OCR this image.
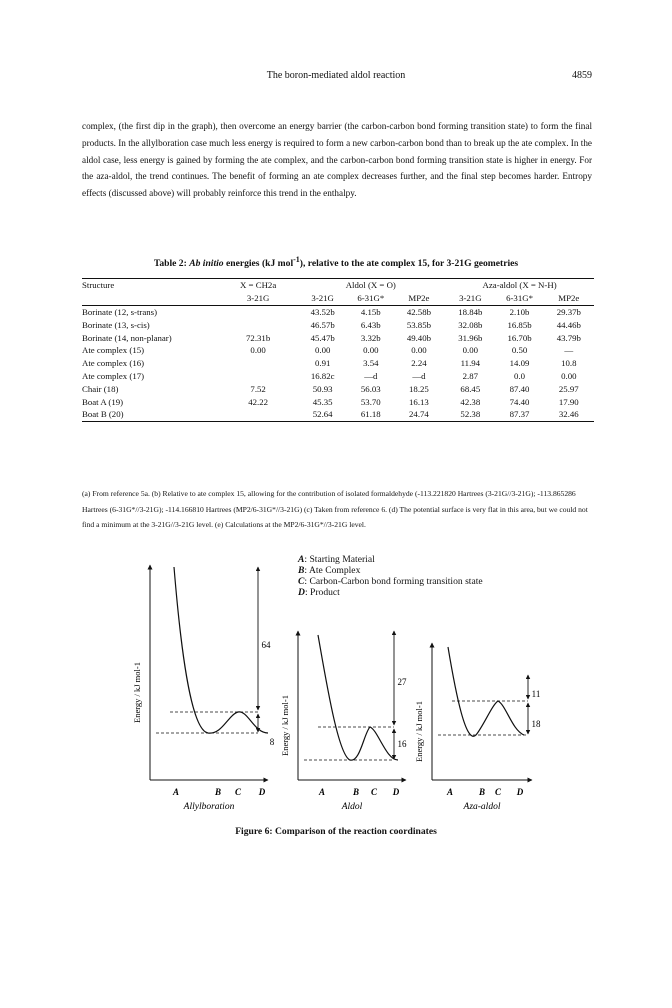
The boron-mediated aldol reaction	4859

complex, (the first dip in the graph), then overcome an energy barrier (the carbon-carbon bond forming transition state) to form the final products. In the allylboration case much less energy is required to form a new carbon-carbon bond than to break up the ate complex. In the aldol case, less energy is gained by forming the ate complex, and the carbon-carbon bond forming transition state is higher in energy. For the aza-aldol, the trend continues. The benefit of forming an ate complex decreases further, and the final step becomes harder. Entropy effects (discussed above) will probably reinforce this trend in the enthalpy.

Table 2: Ab initio energies (kJ mol$^{-1}$), relative to the ate complex 15, for 3-21G geometries
Structure	X = CH2a	Aldol (X = O)			Aza-aldol (X = N-H)		
	3-21G	3-21G	6-31G*	MP2e	3-21G	6-31G*	MP2e
Borinate (12, s-trans)		43.52b	4.15b	42.58b	18.84b	2.10b	29.37b
Borinate (13, s-cis)		46.57b	6.43b	53.85b	32.08b	16.85b	44.46b
Borinate (14, non-planar)	72.31b	45.47b	3.32b	49.40b	31.96b	16.70b	43.79b
Ate complex (15)	0.00	0.00	0.00	0.00	0.00	0.50	—
Ate complex (16)		0.91	3.54	2.24	11.94	14.09	10.8
Ate complex (17)		16.82c	—d	—d	2.87	0.0	0.00
Chair (18)	7.52	50.93	56.03	18.25	68.45	87.40	25.97
Boat A (19)	42.22	45.35	53.70	16.13	42.38	74.40	17.90
Boat B (20)		52.64	61.18	24.74	52.38	87.37	32.46

(a) From reference 5a. (b) Relative to ate complex 15, allowing for the contribution of isolated formaldehyde (-113.221820 Hartrees (3-21G//3-21G); -113.865286 Hartrees (6-31G*//3-21G); -114.166810 Hartrees (MP2/6-31G*//3-21G) (c) Taken from reference 6. (d) The potential surface is very flat in this area, but we could not find a minimum at the 3-21G//3-21G level. (e) Calculations at the MP2/6-31G*//3-21G level.

A: Starting Material
B: Ate Complex
C: Carbon-Carbon bond forming transition state
D: Product
64
8
Energy / kJ mol-1
A	B C D
Allylboration
27
16
Energy / kJ mol-1
A	B C D
Aldol
11
18
Energy / kJ mol-1
A	B C D
Aza-aldol
Figure 6: Comparison of the reaction coordinates
